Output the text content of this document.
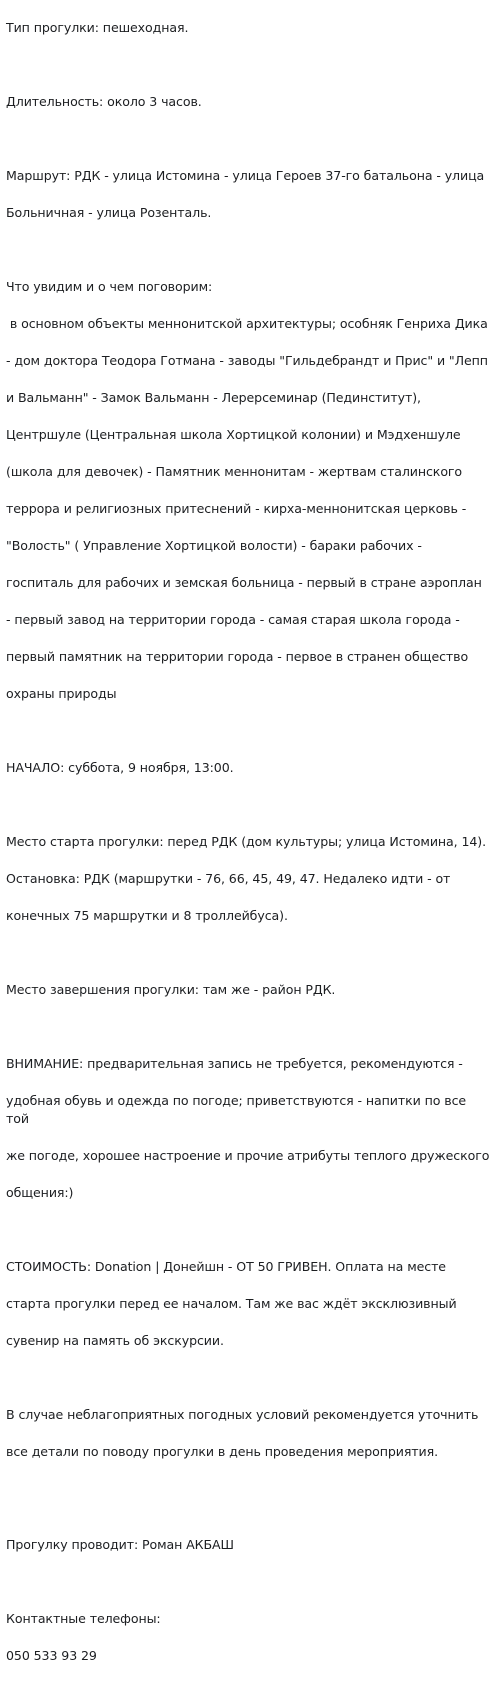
Тип прогулки: пешеходная.

Длительность: около 3 часов.

Маршрут: РДК - улица Истомина - улица Героев 37-го батальона - улица

Больничная - улица Розенталь.

Что увидим и о чем поговорим:

в основном объекты меннонитской архитектуры; особняк Генриха Дика

- дом доктора Теодора Готмана - заводы "Гильдебрандт и Прис" и "Лепп

и Вальманн" - Замок Вальманн - Лерерсеминар (Пединститут),

Центршуле (Центральная школа Хортицкой колонии) и Мэдхеншуле

(школа для девочек) - Памятник меннонитам - жертвам сталинского

террора и религиозных притеснений - кирха-меннонитская церковь -

"Волость" ( Управление Хортицкой волости) - бараки рабочих -

госпиталь для рабочих и земская больница - первый в стране аэроплан

- первый завод на территории города - самая старая школа города -

первый памятник на территории города - первое в странен общество

охраны природы

НАЧАЛО: суббота, 9 ноября, 13:00.

Место старта прогулки: перед РДК (дом культуры; улица Истомина, 14).

Остановка: РДК (маршрутки - 76, 66, 45, 49, 47. Недалеко идти - от

конечных 75 маршрутки и 8 троллейбуса).

Место завершения прогулки: там же - район РДК.

ВНИМАНИЕ: предварительная запись не требуется, рекомендуются -

удобная обувь и одежда по погоде; приветствуются - напитки по все той

же погоде, хорошее настроение и прочие атрибуты теплого дружеского

общения:)

СТОИМОСТЬ: Donation | Донейшн - ОТ 50 ГРИВЕН. Оплата на месте

старта прогулки перед ее началом. Там же вас ждёт эксклюзивный

сувенир на память об экскурсии.

В случае неблагоприятных погодных условий рекомендуется уточнить

все детали по поводу прогулки в день проведения мероприятия.

Прогулку проводит: Роман АКБАШ

Контактные телефоны:

050 533 93 29
